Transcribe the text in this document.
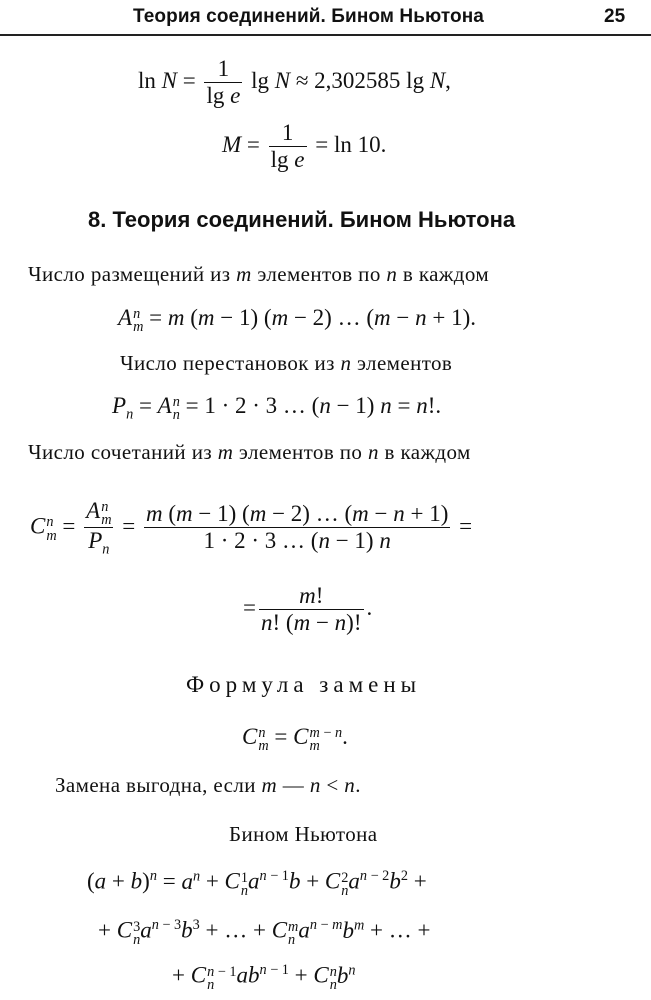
Теория соединений. Бином Ньютона	25
$\ln N = \frac{1}{\text{lg e}}$ lg N ≈ 2,302585 lg N,
$M = \frac{1}{\text{lg e}} = \ln 10$.
8. Теория соединений. Бином Ньютона
Число размещений из m элементов по n в каждом
A n
m = m (m − 1) (m − 2) … (m − n + 1).
Число перестановок из n элементов
$P_n = A$ n
n = 1 · 2 · 3 … (n − 1) n = n!.
Число сочетаний из m элементов по n в каждом
C n
m = A n
m
$P_n = \frac{m (m - 1) (m - 2) \dots (m - n + 1)}{1 \cdot 2 \cdot 3 \dots (n - 1) n}$ =
= $\frac{m!}{n! (m - n)!}$ .
Формула замены
C n
m = C m − n
m .
Замена выгодна, если m — n < n.
Бином Ньютона
$(a + b)^n = a^n + C$ 1
n $a^{n - 1}b + C$ 2
n $a^{n - 2}b^2$ +
+ C 3
n $a^{n - 3}b^3$ + … + C m
n $a^{n - m}b^m$ + … +
+ C n − 1
n $ab^{n - 1} + C$ n
n $b^n$
